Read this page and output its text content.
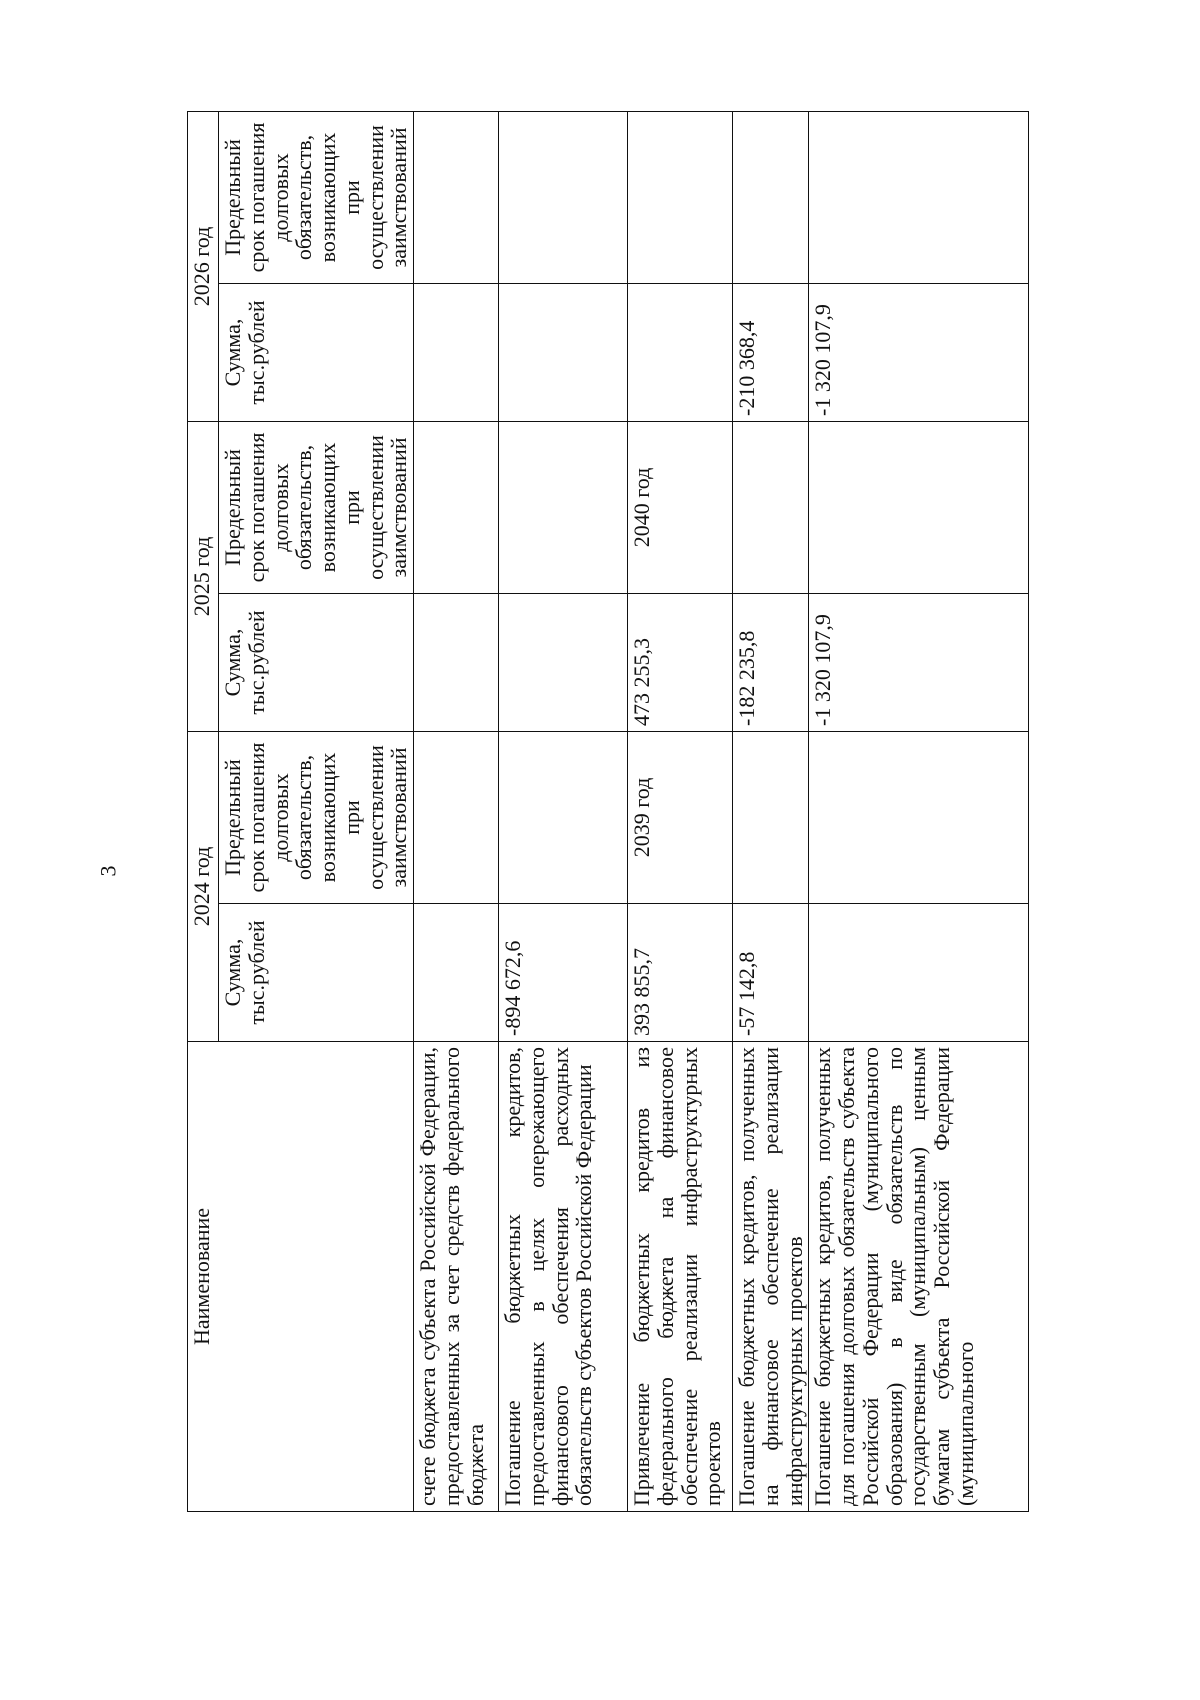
3
Наименование	2024 год		2025 год		2026 год	
	Сумма, тыс.рублей	Предельный срок погашения долговых обязательств, возникающих при осуществлении заимствований	Сумма, тыс.рублей	Предельный срок погашения долговых обязательств, возникающих при осуществлении заимствований	Сумма, тыс.рублей	Предельный срок погашения долговых обязательств, возникающих при осуществлении заимствований
счете бюджета субъекта Российской Федерации, предоставленных за счет средств федерального бюджета						
Погашение бюджетных кредитов, предоставленных в целях опережающего финансового обеспечения расходных обязательств субъектов Российской Федерации	-894 672,6					
Привлечение бюджетных кредитов из федерального бюджета на финансовое обеспечение реализации инфраструктурных проектов	393 855,7	2039 год	473 255,3	2040 год		
Погашение бюджетных кредитов, полученных на финансовое обеспечение реализации инфраструктурных проектов	-57 142,8		-182 235,8		-210 368,4	
Погашение бюджетных кредитов, полученных для погашения долговых обязательств субъекта Российской Федерации (муниципального образования) в виде обязательств по государственным (муниципальным) ценным бумагам субъекта Российской Федерации (муниципального			-1 320 107,9		-1 320 107,9	
